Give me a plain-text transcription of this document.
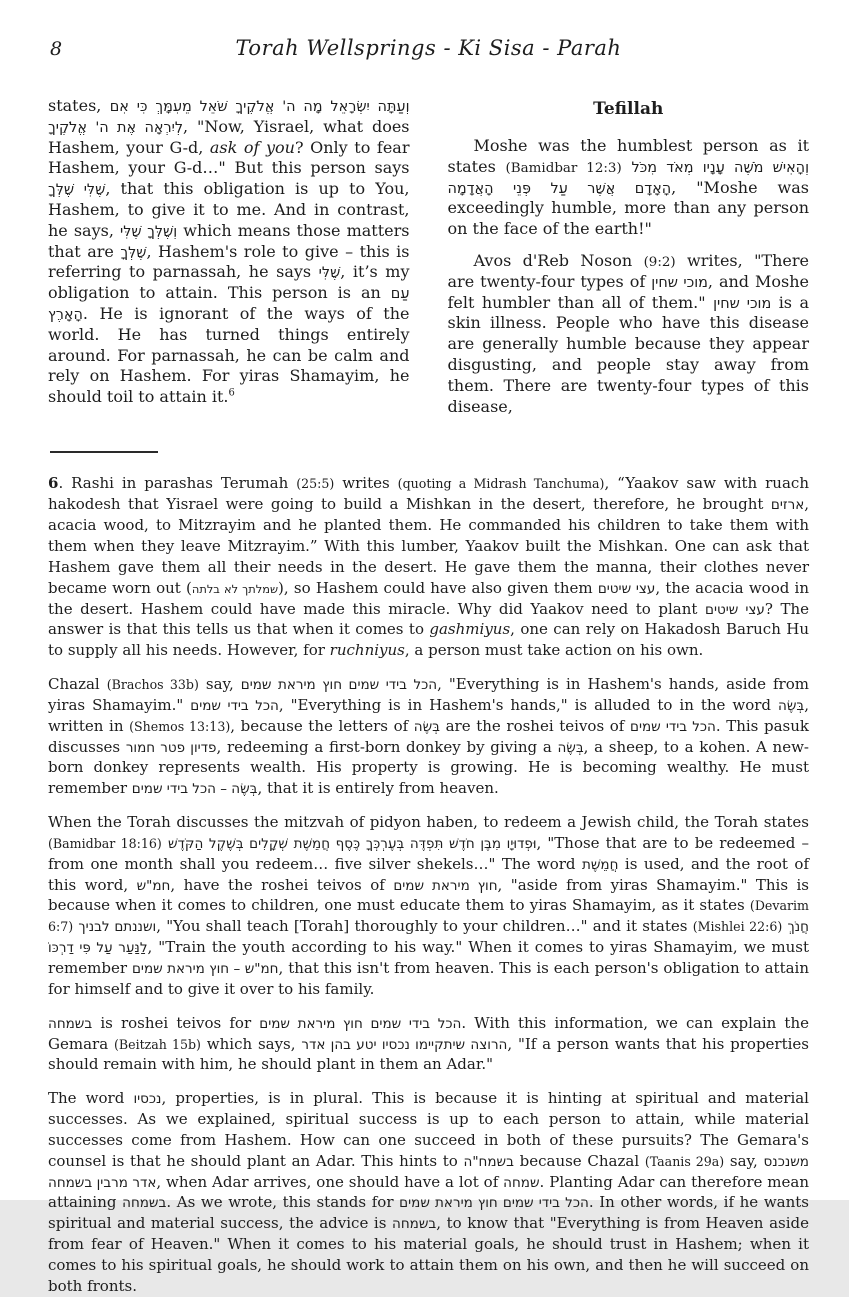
8	Torah Wellsprings - Ki Sisa - Parah

states, וְעַתָּה יִשְׂרָאֵל מָה ה' אֱלֹקֶיךָ שֹׁאֵל מֵעִמָּךְ כִּי אִם לְיִרְאָה אֶת ה' אֱלֹקֶיךָ, "Now, Yisrael, what does Hashem, your G-d, ask of you? Only to fear Hashem, your G-d…" But this person says שֶׁלִּי שֶׁלְּךָ, that this obligation is up to You, Hashem, to give it to me. And in contrast, he says, וְשֶׁלְּךָ שֶׁלִּי which means those matters that are שֶׁלְּךָ, Hashem's role to give – this is referring to parnassah, he says שֶׁלִּי, it’s my obligation to attain. This person is an עַם הָאָרֶץ. He is ignorant of the ways of the world. He has turned things entirely around. For parnassah, he can be calm and rely on Hashem. For yiras Shamayim, he should toil to attain it.$^6$

Tefillah

Moshe was the humblest person as it states (Bamidbar 12:3) וְהָאִישׁ מֹשֶׁה עָנָיו מְאֹד מִכֹּל הָאָדָם אֲשֶׁר עַל פְּנֵי הָאֲדָמָה, "Moshe was exceedingly humble, more than any person on the face of the earth!"

Avos d'Reb Noson (9:2) writes, "There are twenty-four types of מוכי שחין, and Moshe felt humbler than all of them." מוכי שחין is a skin illness. People who have this disease are generally humble because they appear disgusting, and people stay away from them. There are twenty-four types of this disease,

6. Rashi in parashas Terumah (25:5) writes (quoting a Midrash Tanchuma), “Yaakov saw with ruach hakodesh that Yisrael were going to build a Mishkan in the desert, therefore, he brought ארזים, acacia wood, to Mitzrayim and he planted them. He commanded his children to take them with them when they leave Mitzrayim.” With this lumber, Yaakov built the Mishkan. One can ask that Hashem gave them all their needs in the desert. He gave them the manna, their clothes never became worn out (שמלתך לא בלתה), so Hashem could have also given them עצי שיטים, the acacia wood in the desert. Hashem could have made this miracle. Why did Yaakov need to plant עצי שיטים? The answer is that this tells us that when it comes to gashmiyus, one can rely on Hakadosh Baruch Hu to supply all his needs. However, for ruchniyus, a person must take action on his own.

Chazal (Brachos 33b) say, הכל בידי שמים חוץ מיראת שמים, "Everything is in Hashem's hands, aside from yiras Shamayim." הכל בידי שמים, "Everything is in Hashem's hands," is alluded to in the word בְּשֶׂה, written in (Shemos 13:13), because the letters of בְּשֶׂה are the roshei teivos of הכל בידי שמים. This pasuk discusses פדיון פטר חמור, redeeming a first-born donkey by giving a בְּשֶׂה, a sheep, to a kohen. A new-born donkey represents wealth. His property is growing. He is becoming wealthy. He must remember בְּשֶׂה – הכל בידי שמים, that it is entirely from heaven.

When the Torah discusses the mitzvah of pidyon haben, to redeem a Jewish child, the Torah states (Bamidbar 18:16) וּפְדוּיָו מִבֶּן חֹדֶשׁ תִּפְדֶּה בְּעֶרְכְּךָ כֶּסֶף חֲמֵשֶׁת שְׁקָלִים בְּשֶׁקֶל הַקֹּדֶשׁ, "Those that are to be redeemed – from one month shall you redeem… five silver shekels…" The word חֲמֵשֶׁת is used, and the root of this word, חמ"ש, have the roshei teivos of חוץ מיראת שמים, "aside from yiras Shamayim." This is because when it comes to children, one must educate them to yiras Shamayim, as it states (Devarim 6:7) ושננתם לבניך, "You shall teach [Torah] thoroughly to your children…" and it states (Mishlei 22:6) חֲנֹךְ לַנַּעַר עַל פִּי דַרְכּוֹ, "Train the youth according to his way." When it comes to yiras Shamayim, we must remember חמ"ש – חוץ מיראת שמים, that this isn't from heaven. This is each person's obligation to attain for himself and to give it over to his family.

בשמחה is roshei teivos for הכל בידי שמים חוץ מיראת שמים. With this information, we can explain the Gemara (Beitzah 15b) which says, הרוצה שיתקיימו נכסיו יטע בהן אדר, "If a person wants that his properties should remain with him, he should plant in them an Adar."

The word נכסיו, properties, is in plural. This is because it is hinting at spiritual and material successes. As we explained, spiritual success is up to each person to attain, while material successes come from Hashem. How can one succeed in both of these pursuits? The Gemara's counsel is that he should plant an Adar. This hints to בשמח"ה because Chazal (Taanis 29a) say, משנכנס אדר מרבין בשמחה, when Adar arrives, one should have a lot of שמחה. Planting Adar can therefore mean attaining בשמחה. As we wrote, this stands for הכל בידי שמים חוץ מיראת שמים. In other words, if he wants spiritual and material success, the advice is בשמחה, to know that "Everything is from Heaven aside from fear of Heaven." When it comes to his material goals, he should trust in Hashem; when it comes to his spiritual goals, he should work to attain them on his own, and then he will succeed on both fronts.
